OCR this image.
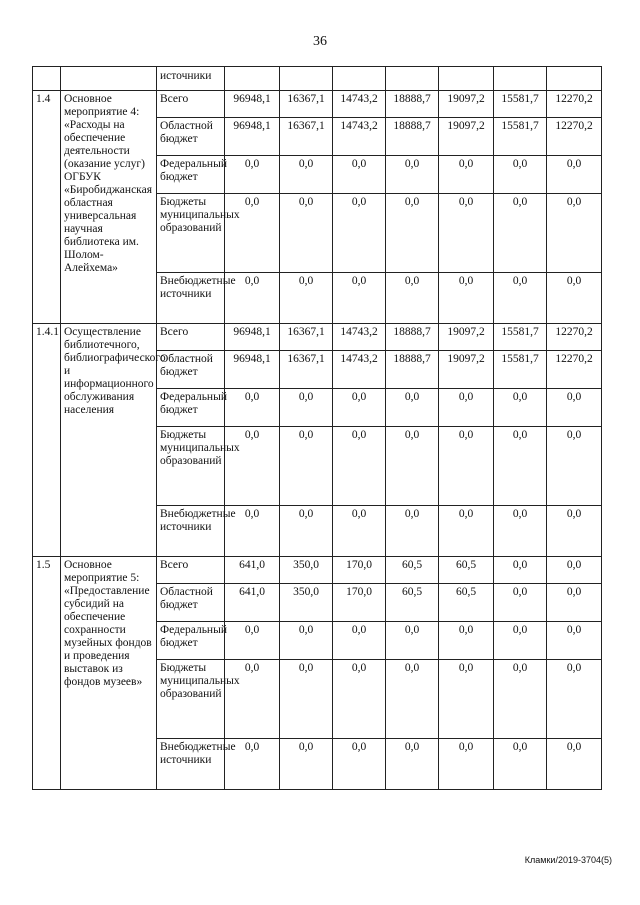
36
		источники							
1.4	Основное мероприятие 4: «Расходы на обеспечение деятельности (оказание услуг) ОГБУК «Биробиджанская областная универсальная научная библиотека им. Шолом-Алейхема»	Всего	96948,1	16367,1	14743,2	18888,7	19097,2	15581,7	12270,2
		Областной бюджет	96948,1	16367,1	14743,2	18888,7	19097,2	15581,7	12270,2
		Федеральный бюджет	0,0	0,0	0,0	0,0	0,0	0,0	0,0
		Бюджеты муниципальных образований	0,0	0,0	0,0	0,0	0,0	0,0	0,0
		Внебюджетные источники	0,0	0,0	0,0	0,0	0,0	0,0	0,0
1.4.1	Осуществление библиотечного, библиографического и информационного обслуживания населения	Всего	96948,1	16367,1	14743,2	18888,7	19097,2	15581,7	12270,2
		Областной бюджет	96948,1	16367,1	14743,2	18888,7	19097,2	15581,7	12270,2
		Федеральный бюджет	0,0	0,0	0,0	0,0	0,0	0,0	0,0
		Бюджеты муниципальных образований	0,0	0,0	0,0	0,0	0,0	0,0	0,0
		Внебюджетные источники	0,0	0,0	0,0	0,0	0,0	0,0	0,0
1.5	Основное мероприятие 5: «Предоставление субсидий на обеспечение сохранности музейных фондов и проведения выставок из фондов музеев»	Всего	641,0	350,0	170,0	60,5	60,5	0,0	0,0
		Областной бюджет	641,0	350,0	170,0	60,5	60,5	0,0	0,0
		Федеральный бюджет	0,0	0,0	0,0	0,0	0,0	0,0	0,0
		Бюджеты муниципальных образований	0,0	0,0	0,0	0,0	0,0	0,0	0,0
		Внебюджетные источники	0,0	0,0	0,0	0,0	0,0	0,0	0,0
Кламки/2019-3704(5)
